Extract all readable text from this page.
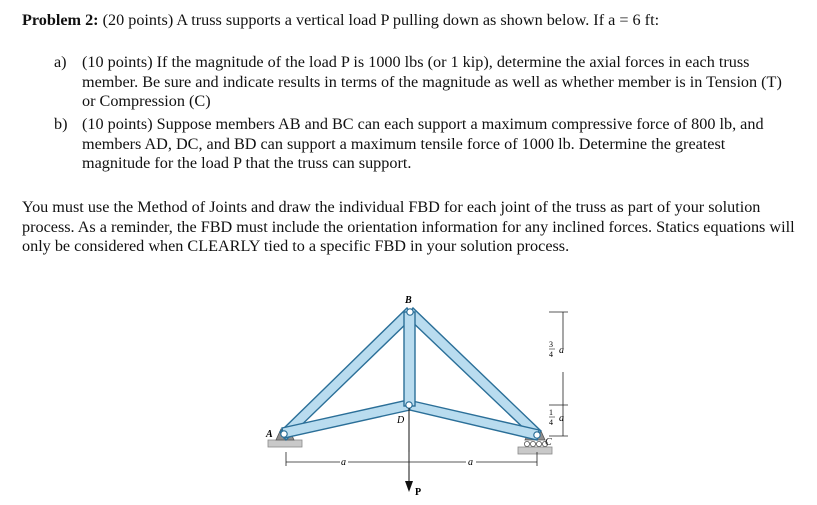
Problem 2: (20 points) A truss supports a vertical load P pulling down as shown below. If a = 6 ft:
a) (10 points) If the magnitude of the load P is 1000 lbs (or 1 kip), determine the axial forces in each truss member. Be sure and indicate results in terms of the magnitude as well as whether member is in Tension (T) or Compression (C)
b) (10 points) Suppose members AB and BC can each support a maximum compressive force of 800 lb, and members AD, DC, and BD can support a maximum tensile force of 1000 lb. Determine the greatest magnitude for the load P that the truss can support.
You must use the Method of Joints and draw the individual FBD for each joint of the truss as part of your solution process. As a reminder, the FBD must include the orientation information for any inclined forces. Statics equations will only be considered when CLEARLY tied to a specific FBD in your solution process.
B
D
A
C
P
a	a
3
4 a
1
4 a
